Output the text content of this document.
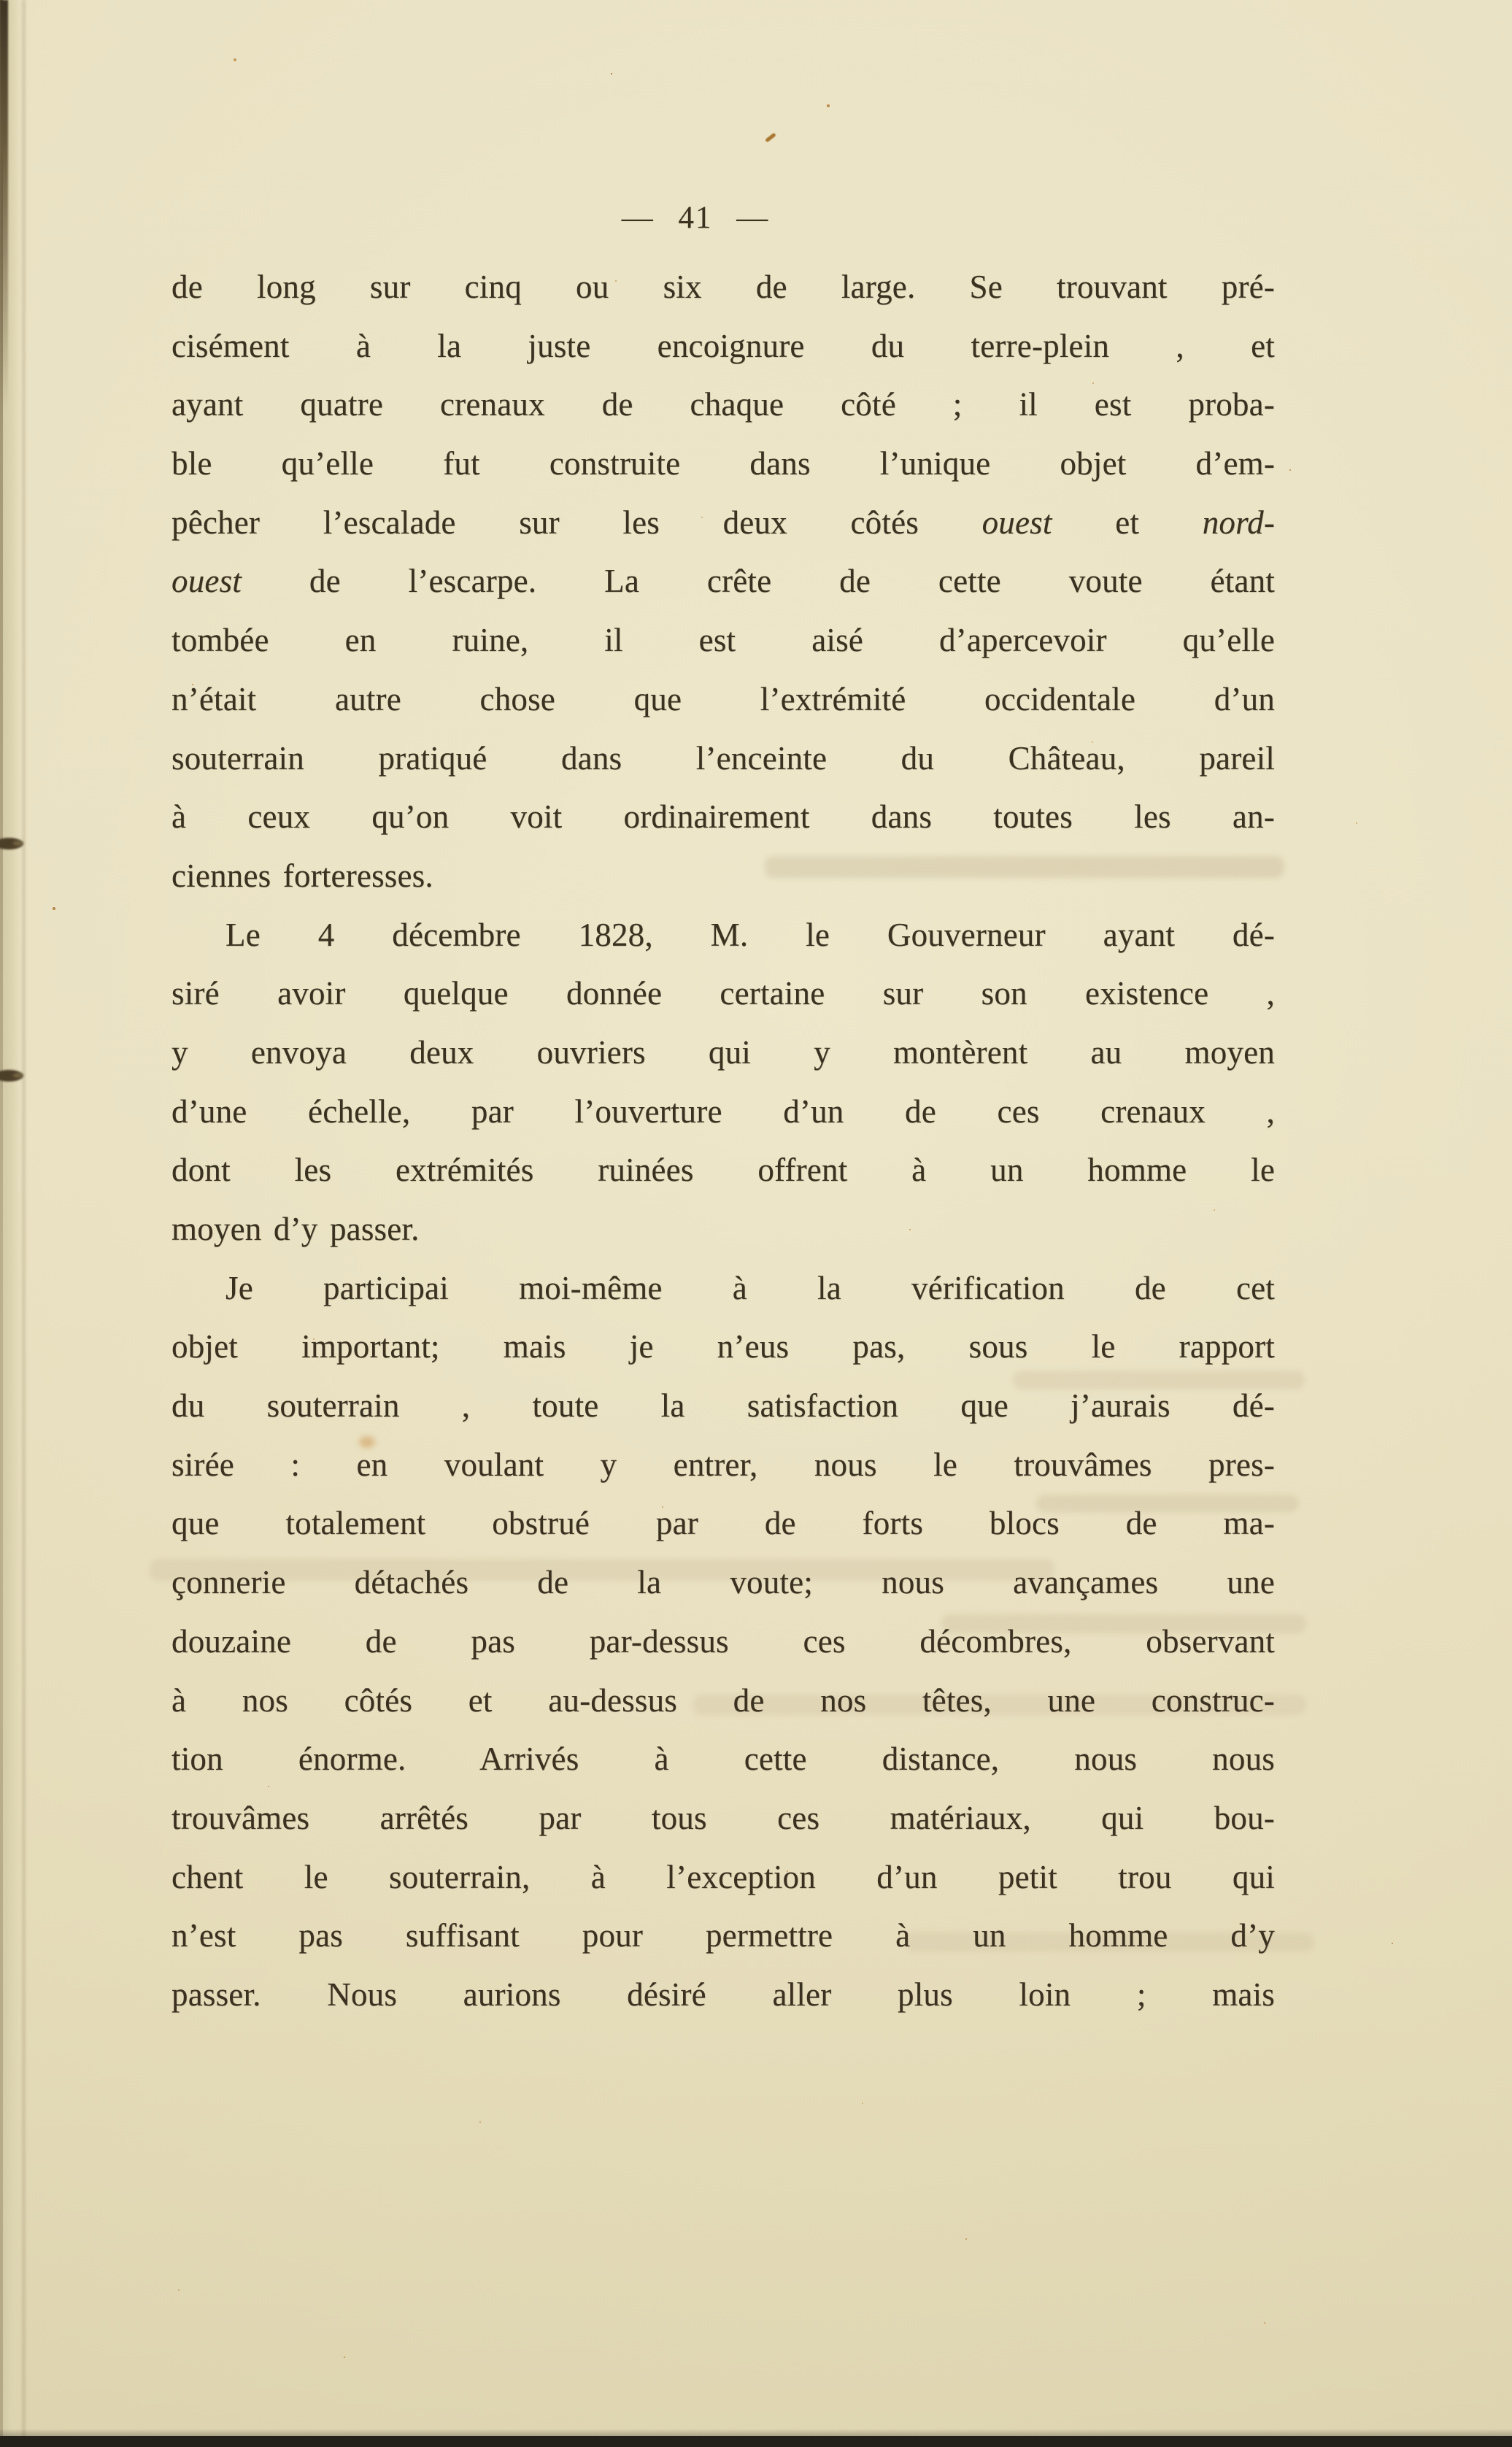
— 41 —
de long sur cinq ou six de large. Se trouvant pré-
cisément à la juste encoignure du terre-plein , et
ayant quatre crenaux de chaque côté ; il est proba-
ble qu’elle fut construite dans l’unique objet d’em-
pêcher l’escalade sur les deux côtés ouest et nord-
ouest de l’escarpe. La crête de cette voute étant
tombée en ruine, il est aisé d’apercevoir qu’elle
n’était autre chose que l’extrémité occidentale d’un
souterrain pratiqué dans l’enceinte du Château, pareil
à ceux qu’on voit ordinairement dans toutes les an-
ciennes forteresses.
Le 4 décembre 1828, M. le Gouverneur ayant dé-
siré avoir quelque donnée certaine sur son existence ,
y envoya deux ouvriers qui y montèrent au moyen
d’une échelle, par l’ouverture d’un de ces crenaux ,
dont les extrémités ruinées offrent à un homme le
moyen d’y passer.
Je participai moi-même à la vérification de cet
objet important; mais je n’eus pas, sous le rapport
du souterrain , toute la satisfaction que j’aurais dé-
sirée : en voulant y entrer, nous le trouvâmes pres-
que totalement obstrué par de forts blocs de ma-
çonnerie détachés de la voute; nous avançames une
douzaine de pas par-dessus ces décombres, observant
à nos côtés et au-dessus de nos têtes, une construc-
tion énorme. Arrivés à cette distance, nous nous
trouvâmes arrêtés par tous ces matériaux, qui bou-
chent le souterrain, à l’exception d’un petit trou qui
n’est pas suffisant pour permettre à un homme d’y
passer. Nous aurions désiré aller plus loin ; mais
